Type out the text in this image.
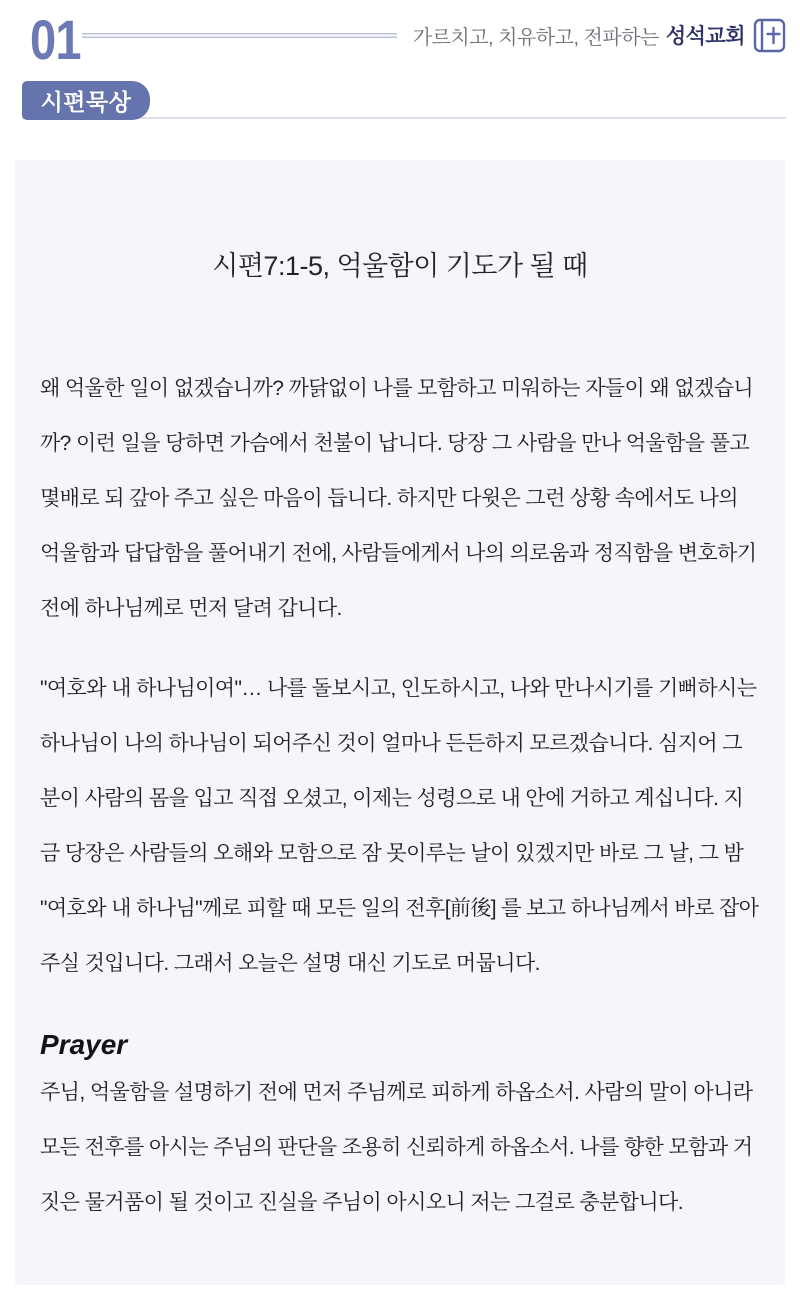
01	가르치고, 치유하고, 전파하는 성석교회
시편묵상
시편7:1-5, 억울함이 기도가 될 때

왜 억울한 일이 없겠습니까? 까닭없이 나를 모함하고 미워하는 자들이 왜 없겠습니까? 이런 일을 당하면 가슴에서 천불이 납니다. 당장 그 사람을 만나 억울함을 풀고 몇배로 되 갚아 주고 싶은 마음이 듭니다. 하지만 다윗은 그런 상황 속에서도 나의 억울함과 답답함을 풀어내기 전에, 사람들에게서 나의 의로움과 정직함을 변호하기 전에 하나님께로 먼저 달려 갑니다.

"여호와 내 하나님이여"… 나를 돌보시고, 인도하시고, 나와 만나시기를 기뻐하시는 하나님이 나의 하나님이 되어주신 것이 얼마나 든든하지 모르겠습니다. 심지어 그분이 사람의 몸을 입고 직접 오셨고, 이제는 성령으로 내 안에 거하고 계십니다. 지금 당장은 사람들의 오해와 모함으로 잠 못이루는 날이 있겠지만 바로 그 날, 그 밤 "여호와 내 하나님"께로 피할 때 모든 일의 전후[前後] 를 보고 하나님께서 바로 잡아 주실 것입니다. 그래서 오늘은 설명 대신 기도로 머뭅니다.

Prayer

주님, 억울함을 설명하기 전에 먼저 주님께로 피하게 하옵소서. 사람의 말이 아니라 모든 전후를 아시는 주님의 판단을 조용히 신뢰하게 하옵소서. 나를 향한 모함과 거짓은 물거품이 될 것이고 진실을 주님이 아시오니 저는 그걸로 충분합니다.
